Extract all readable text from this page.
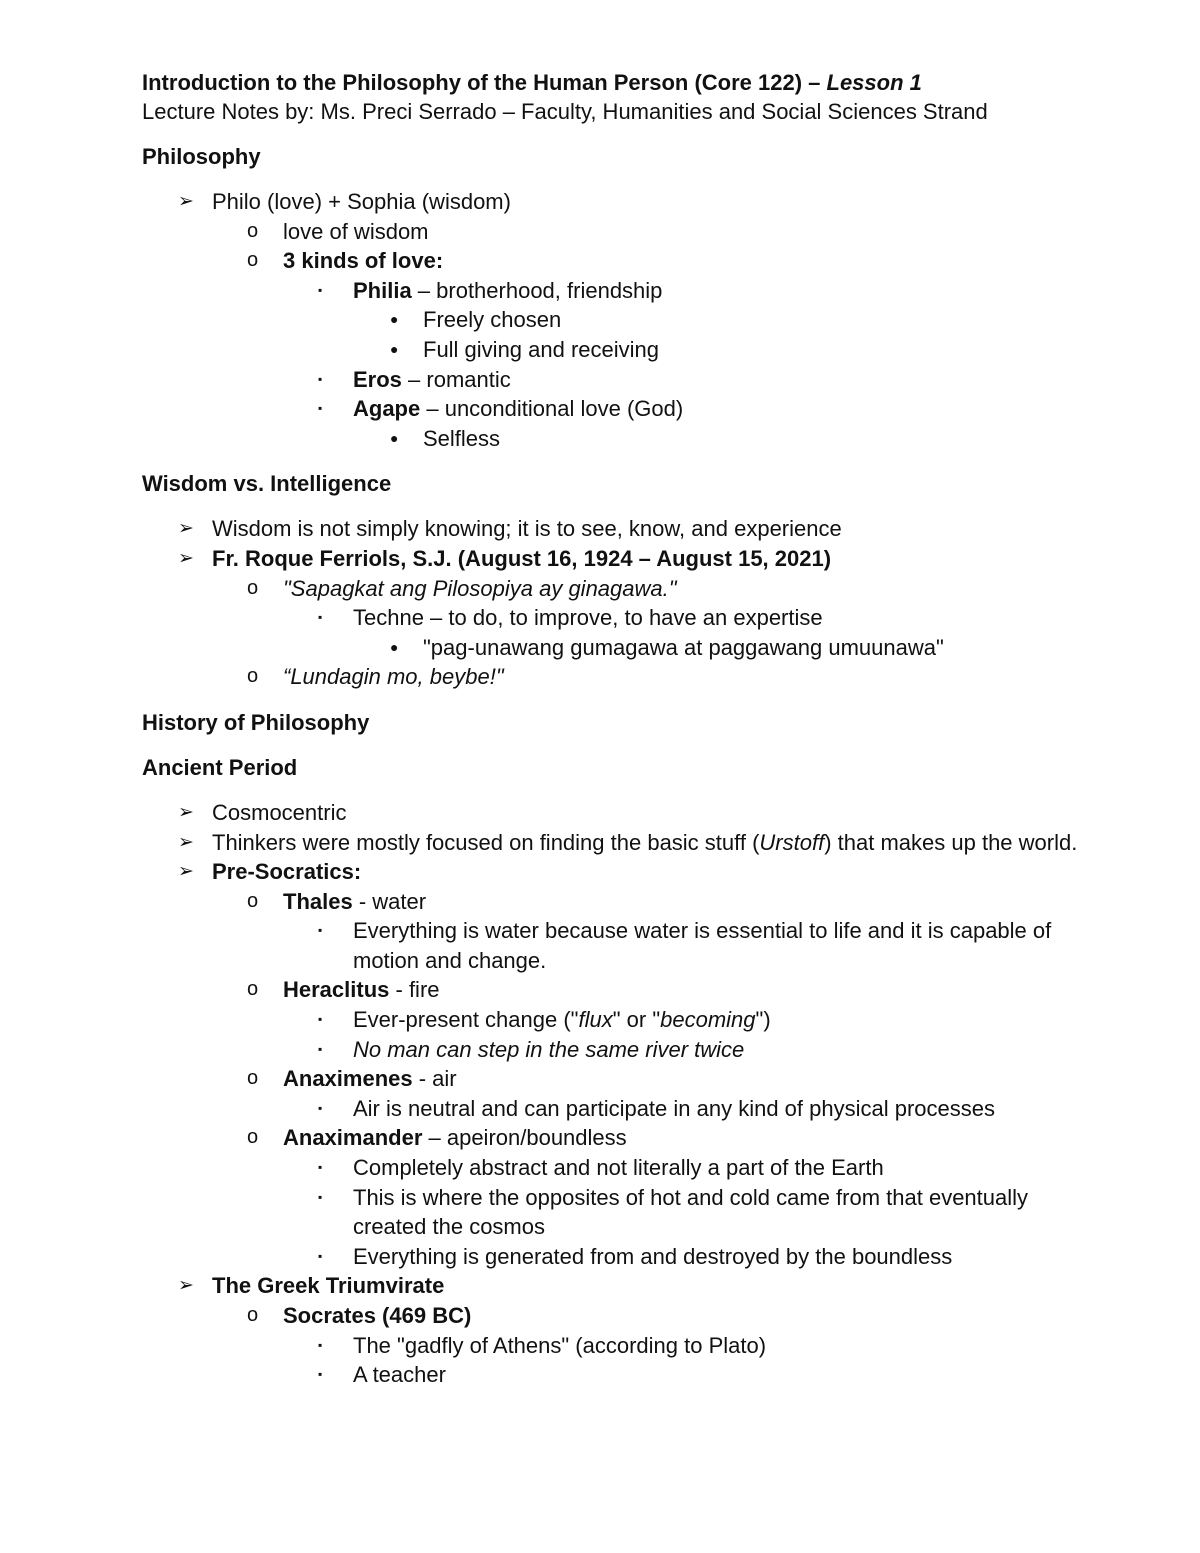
Introduction to the Philosophy of the Human Person (Core 122) – Lesson 1

Lecture Notes by: Ms. Preci Serrado – Faculty, Humanities and Social Sciences Strand

Philosophy

➢ Philo (love) + Sophia (wisdom)
o love of wisdom
o 3 kinds of love:
▪ Philia – brotherhood, friendship
● Freely chosen
● Full giving and receiving
▪ Eros – romantic
▪ Agape – unconditional love (God)
● Selfless

Wisdom vs. Intelligence

➢ Wisdom is not simply knowing; it is to see, know, and experience
➢ Fr. Roque Ferriols, S.J. (August 16, 1924 – August 15, 2021)
o "Sapagkat ang Pilosopiya ay ginagawa."
▪ Techne – to do, to improve, to have an expertise
● "pag-unawang gumagawa at paggawang umuunawa"
o “Lundagin mo, beybe!"

History of Philosophy

Ancient Period

➢ Cosmocentric
➢ Thinkers were mostly focused on finding the basic stuff (Urstoff) that makes up the world.
➢ Pre-Socratics:
o Thales - water
▪ Everything is water because water is essential to life and it is capable of motion and change.
o Heraclitus - fire
▪ Ever-present change ("flux" or "becoming")
▪ No man can step in the same river twice
o Anaximenes - air
▪ Air is neutral and can participate in any kind of physical processes
o Anaximander – apeiron/boundless
▪ Completely abstract and not literally a part of the Earth
▪ This is where the opposites of hot and cold came from that eventually created the cosmos
▪ Everything is generated from and destroyed by the boundless
➢ The Greek Triumvirate
o Socrates (469 BC)
▪ The "gadfly of Athens" (according to Plato)
▪ A teacher
